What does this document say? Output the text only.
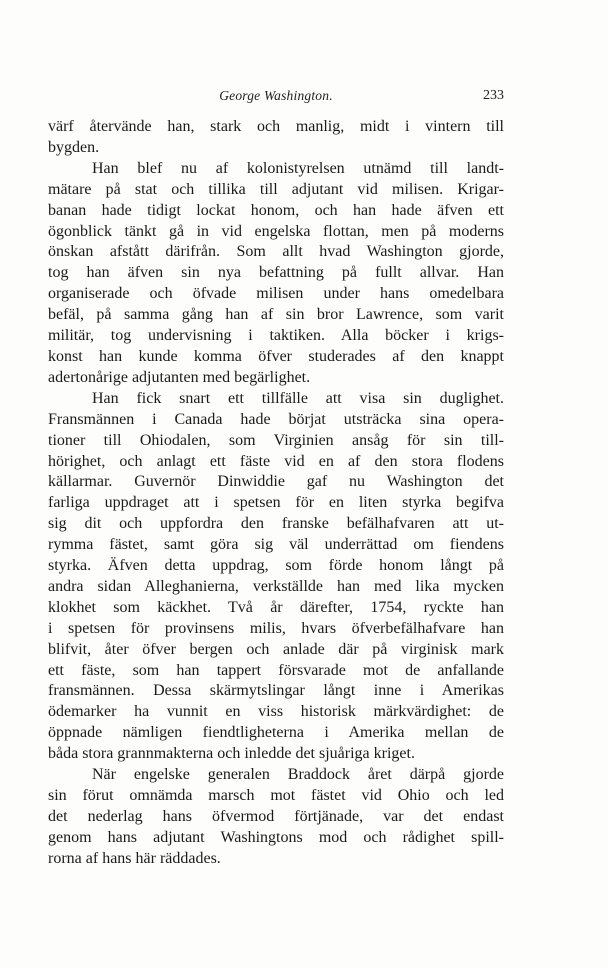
George Washington.	233
värf återvände han, stark och manlig, midt i vintern till
bygden.
Han blef nu af kolonistyrelsen utnämd till landt-
mätare på stat och tillika till adjutant vid milisen. Krigar-
banan hade tidigt lockat honom, och han hade äfven ett
ögonblick tänkt gå in vid engelska flottan, men på moderns
önskan afstått därifrån. Som allt hvad Washington gjorde,
tog han äfven sin nya befattning på fullt allvar. Han
organiserade och öfvade milisen under hans omedelbara
befäl, på samma gång han af sin bror Lawrence, som varit
militär, tog undervisning i taktiken. Alla böcker i krigs-
konst han kunde komma öfver studerades af den knappt
adertonårige adjutanten med begärlighet.
Han fick snart ett tillfälle att visa sin duglighet.
Fransmännen i Canada hade börjat utsträcka sina opera-
tioner till Ohiodalen, som Virginien ansåg för sin till-
hörighet, och anlagt ett fäste vid en af den stora flodens
källarmar. Guvernör Dinwiddie gaf nu Washington det
farliga uppdraget att i spetsen för en liten styrka begifva
sig dit och uppfordra den franske befälhafvaren att ut-
rymma fästet, samt göra sig väl underrättad om fiendens
styrka. Äfven detta uppdrag, som förde honom långt på
andra sidan Alleghanierna, verkställde han med lika mycken
klokhet som käckhet. Två år därefter, 1754, ryckte han
i spetsen för provinsens milis, hvars öfverbefälhafvare han
blifvit, åter öfver bergen och anlade där på virginisk mark
ett fäste, som han tappert försvarade mot de anfallande
fransmännen. Dessa skärmytslingar långt inne i Amerikas
ödemarker ha vunnit en viss historisk märkvärdighet: de
öppnade nämligen fiendtligheterna i Amerika mellan de
båda stora grannmakterna och inledde det sjuåriga kriget.
När engelske generalen Braddock året därpå gjorde
sin förut omnämda marsch mot fästet vid Ohio och led
det nederlag hans öfvermod förtjänade, var det endast
genom hans adjutant Washingtons mod och rådighet spill-
rorna af hans här räddades.
